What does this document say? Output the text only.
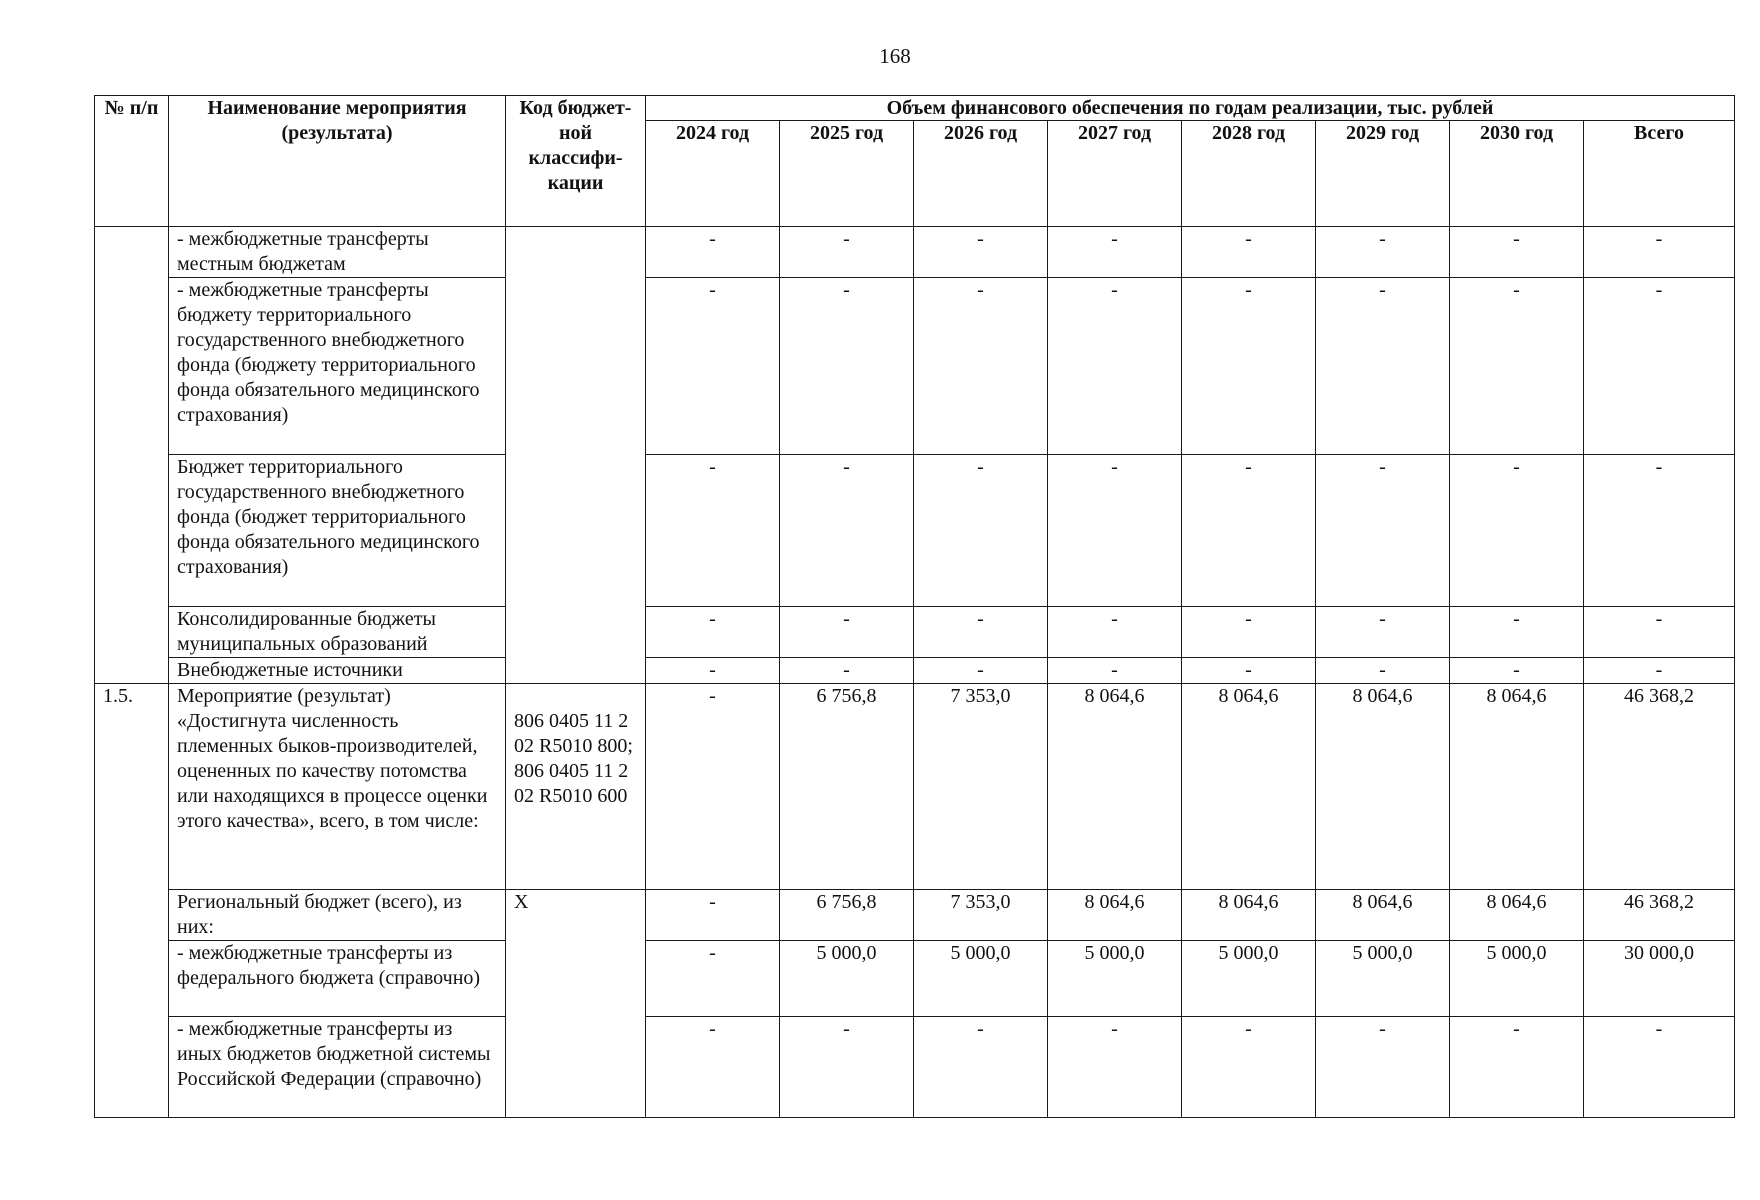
168
№ п/п	Наименование мероприятия (результата)	Код бюджет-ной классифи-кации	Объем финансового обеспечения по годам реализации, тыс. рублей							
			2024 год	2025 год	2026 год	2027 год	2028 год	2029 год	2030 год	Всего
	- межбюджетные трансферты местным бюджетам		-	-	-	-	-	-	-	-
	- межбюджетные трансферты бюджету территориального государственного внебюджетного фонда (бюджету территориального фонда обязательного медицинского страхования)		-	-	-	-	-	-	-	-
	Бюджет территориального государственного внебюджетного фонда (бюджет территориального фонда обязательного медицинского страхования)		-	-	-	-	-	-	-	-
	Консолидированные бюджеты муниципальных образований		-	-	-	-	-	-	-	-
	Внебюджетные источники		-	-	-	-	-	-	-	-
1.5.	Мероприятие (результат) «Достигнута численность племенных быков-производителей, оцененных по качеству потомства или находящихся в процессе оценки этого качества», всего, в том числе:	806 0405 11 2 02 R5010 800; 806 0405 11 2 02 R5010 600	-	6 756,8	7 353,0	8 064,6	8 064,6	8 064,6	8 064,6	46 368,2
	Региональный бюджет (всего), из них:	X	-	6 756,8	7 353,0	8 064,6	8 064,6	8 064,6	8 064,6	46 368,2
	- межбюджетные трансферты из федерального бюджета (справочно)		-	5 000,0	5 000,0	5 000,0	5 000,0	5 000,0	5 000,0	30 000,0
	- межбюджетные трансферты из иных бюджетов бюджетной системы Российской Федерации (справочно)		-	-	-	-	-	-	-	-
